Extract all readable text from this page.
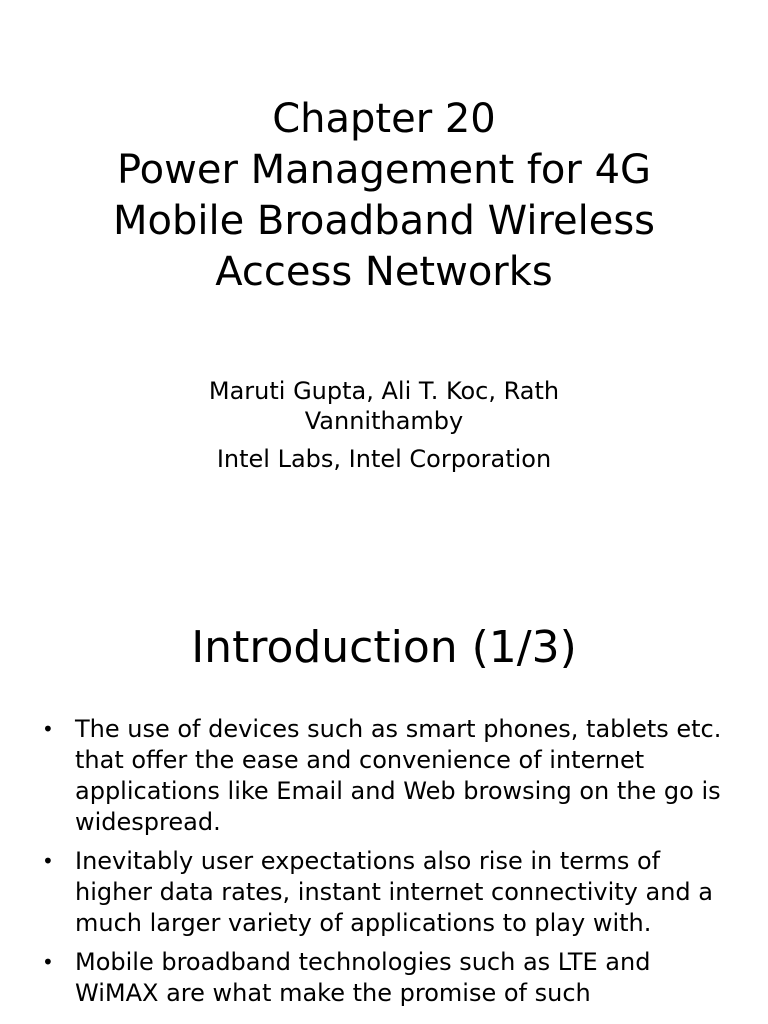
Chapter 20
Power Management for 4G
Mobile Broadband Wireless
Access Networks
Maruti Gupta, Ali T. Koc, Rath Vannithamby
Intel Labs, Intel Corporation
Introduction (1/3)
• The use of devices such as smart phones, tablets etc. that offer the ease and convenience of internet applications like Email and Web browsing on the go is widespread.
• Inevitably user expectations also rise in terms of higher data rates, instant internet connectivity and a much larger variety of applications to play with.
• Mobile broadband technologies such as LTE and WiMAX are what make the promise of such
